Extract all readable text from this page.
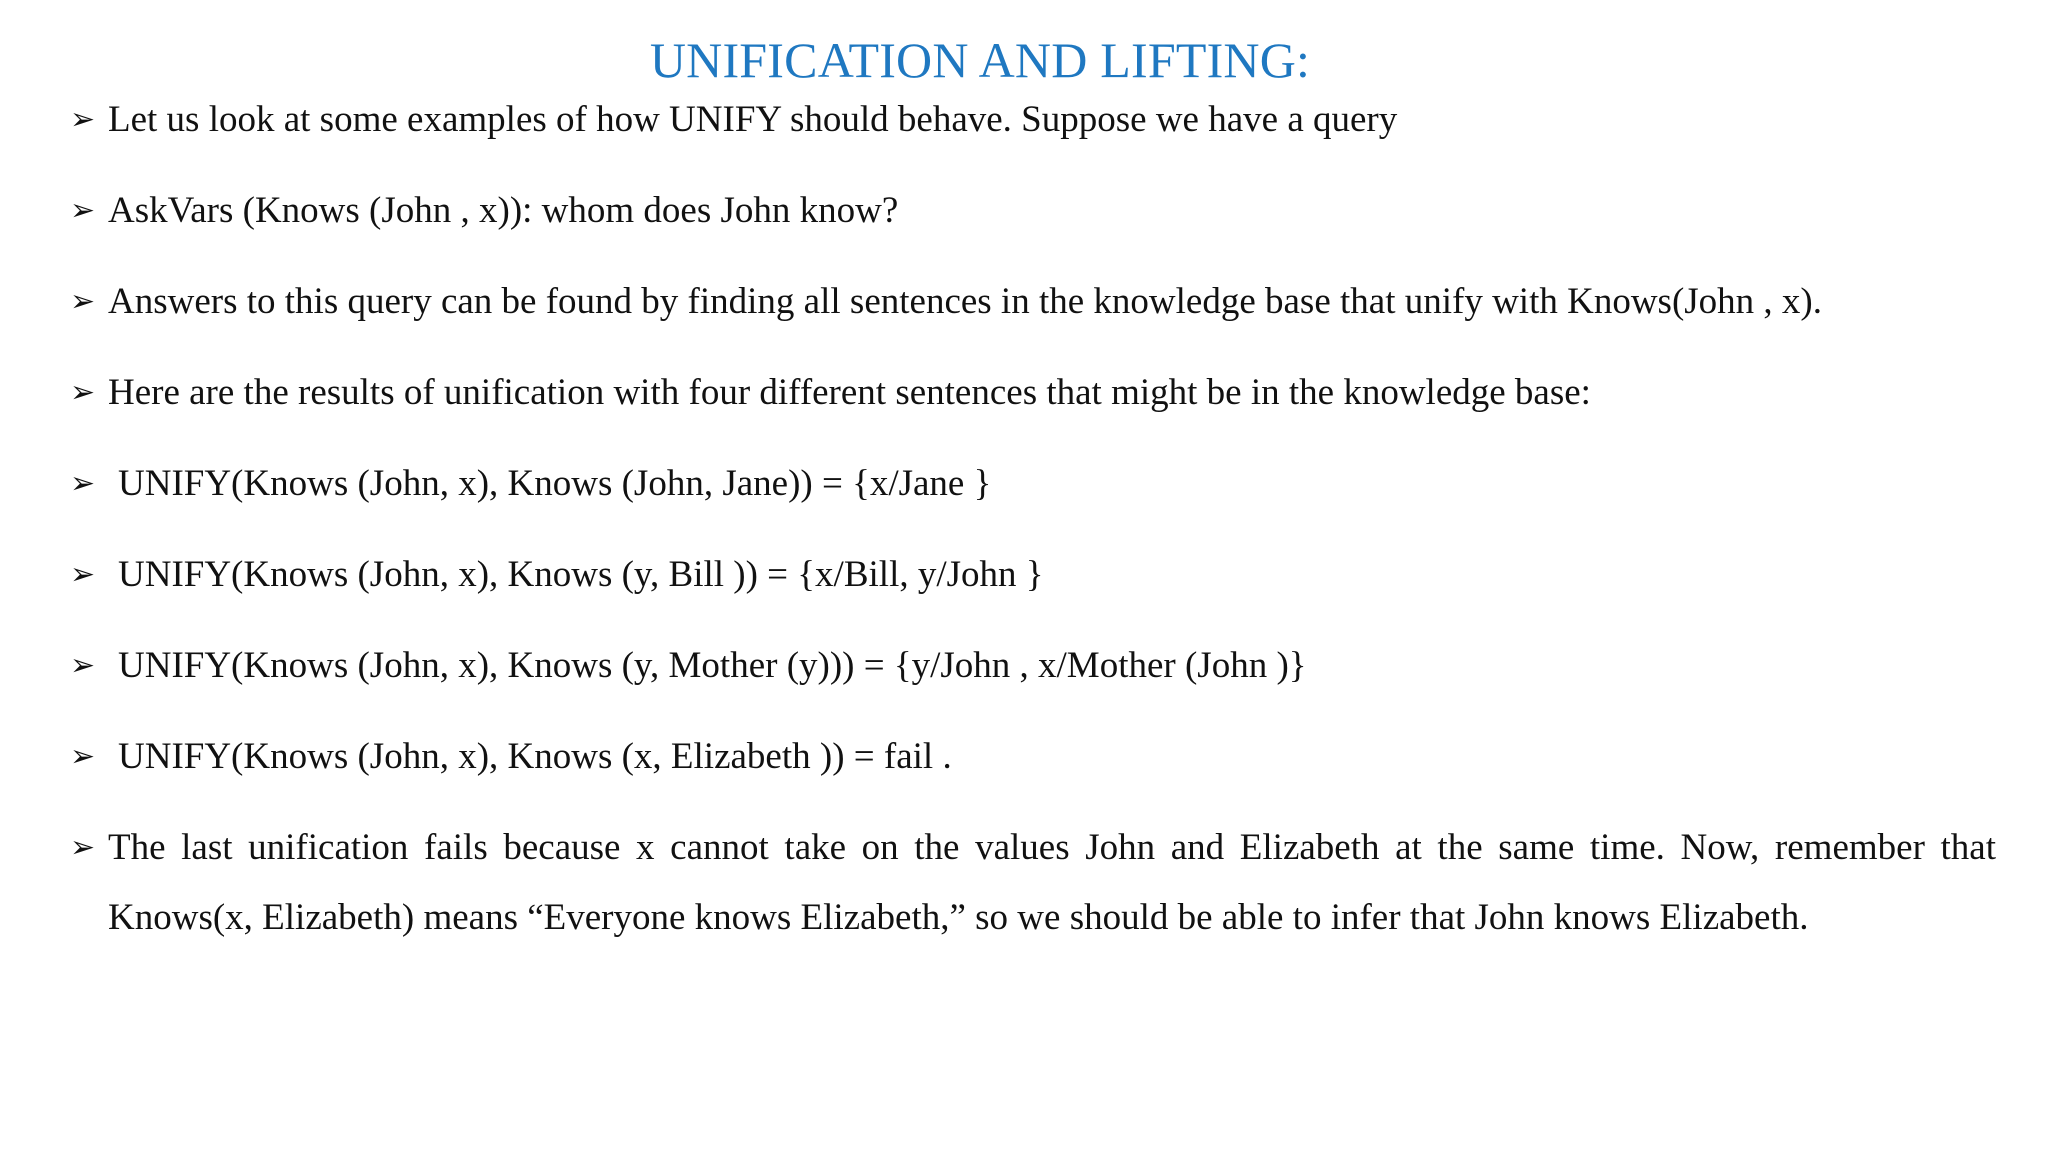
UNIFICATION AND LIFTING:
➢ Let us look at some examples of how UNIFY should behave. Suppose we have a query
➢ AskVars (Knows (John , x)): whom does John know?
➢ Answers to this query can be found by finding all sentences in the knowledge base that unify with Knows(John , x).
➢ Here are the results of unification with four different sentences that might be in the knowledge base:
➢ UNIFY(Knows (John, x), Knows (John, Jane)) = {x/Jane }
➢ UNIFY(Knows (John, x), Knows (y, Bill )) = {x/Bill, y/John }
➢ UNIFY(Knows (John, x), Knows (y, Mother (y))) = {y/John , x/Mother (John )}
➢ UNIFY(Knows (John, x), Knows (x, Elizabeth )) = fail .
➢ The last unification fails because x cannot take on the values John and Elizabeth at the same time. Now, remember that Knows(x, Elizabeth) means “Everyone knows Elizabeth,” so we should be able to infer that John knows Elizabeth.
